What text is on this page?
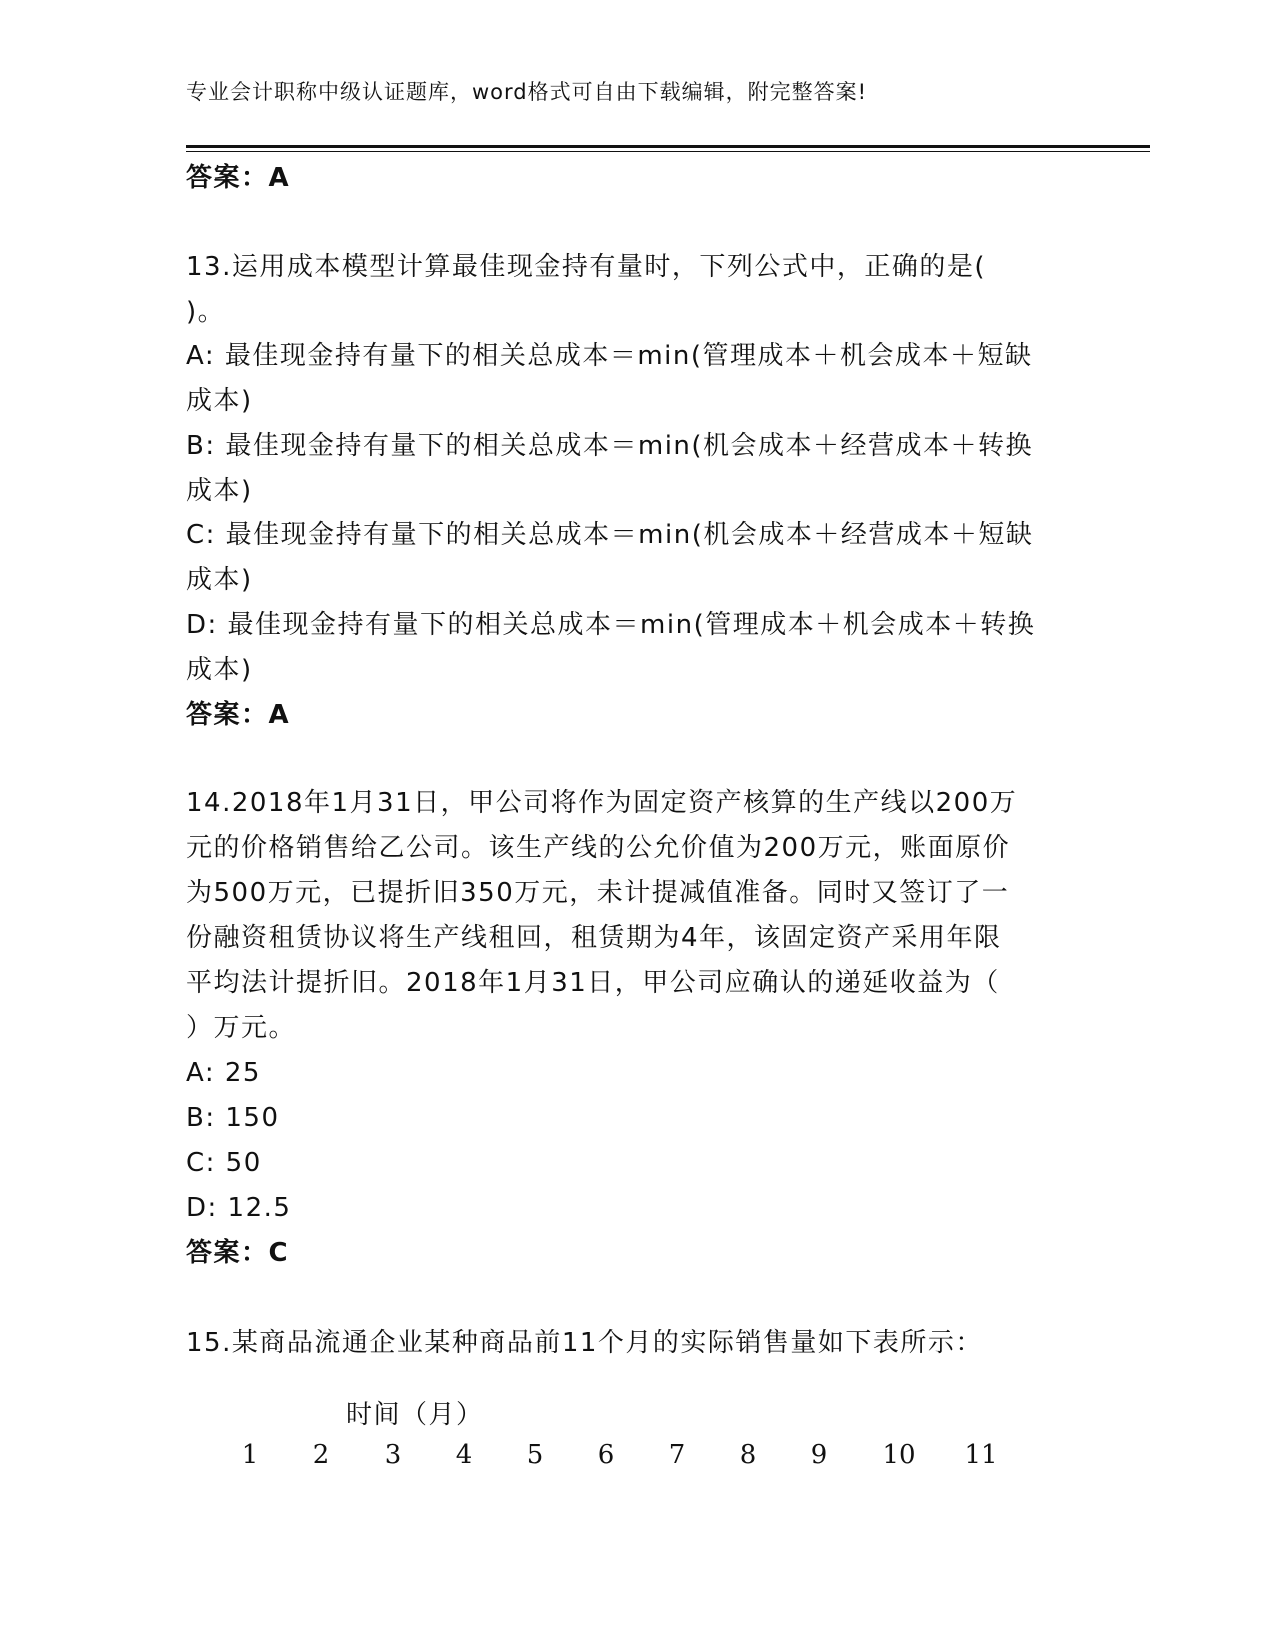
专业会计职称中级认证题库，word格式可自由下载编辑，附完整答案!
答案：A
13.运用成本模型计算最佳现金持有量时，下列公式中，正确的是(
)。
A: 最佳现金持有量下的相关总成本＝min(管理成本＋机会成本＋短缺
成本)
B: 最佳现金持有量下的相关总成本＝min(机会成本＋经营成本＋转换
成本)
C: 最佳现金持有量下的相关总成本＝min(机会成本＋经营成本＋短缺
成本)
D: 最佳现金持有量下的相关总成本＝min(管理成本＋机会成本＋转换
成本)
答案：A
14.2018年1月31日，甲公司将作为固定资产核算的生产线以200万
元的价格销售给乙公司。该生产线的公允价值为200万元，账面原价
为500万元，已提折旧350万元，未计提减值准备。同时又签订了一
份融资租赁协议将生产线租回，租赁期为4年，该固定资产采用年限
平均法计提折旧。2018年1月31日，甲公司应确认的递延收益为（
）万元。
A: 25
B: 150
C: 50
D: 12.5
答案：C
15.某商品流通企业某种商品前11个月的实际销售量如下表所示：
时间（月）
1	2	3	4	5	6	7	8	9	10	11
